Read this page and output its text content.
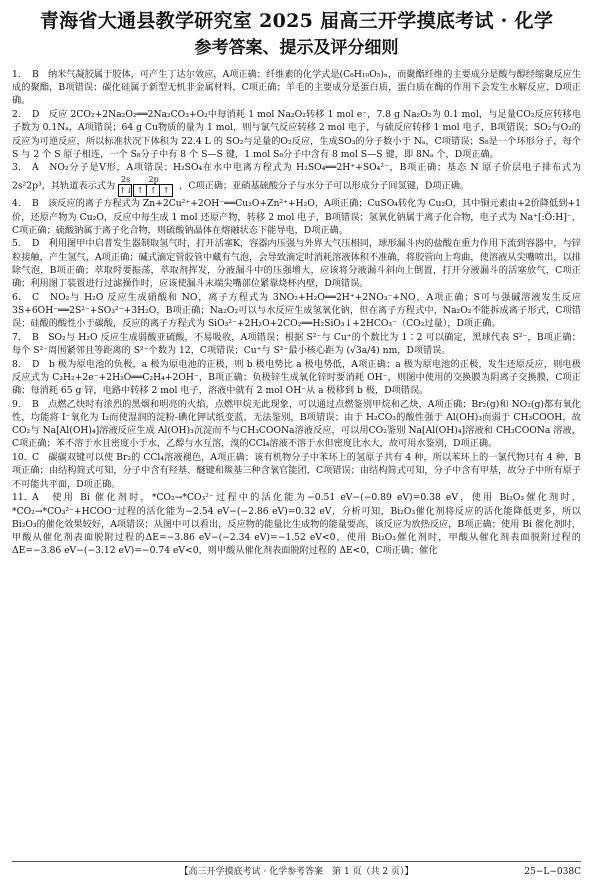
青海省大通县教学研究室 2025 届高三开学摸底考试 · 化学
参考答案、提示及评分细则
1. B　纳米气凝胶属于胶体，可产生丁达尔效应，A项正确；纤维素的化学式是(C₆H₁₀O₅)ₙ，而聚酯纤维的主要成分是酸与醇经缩聚反应生成的聚酯，B项错误；碳化硅属于新型无机非金属材料，C项正确；羊毛的主要成分是蛋白质，蛋白质在酶的作用下会发生水解反应，D项正确。
2. D　反应 2CO₂+2Na₂O₂══2Na₂CO₃+O₂中每消耗 1 mol Na₂O₂转移 1 mol e⁻，7.8 g Na₂O₂为 0.1 mol，与足量CO₂反应转移电子数为 0.1Nₐ，A项错误；64 g Cu物质的量为 1 mol，则与氯气反应转移 2 mol 电子，与硫反应转移 1 mol 电子，B项错误；SO₂与O₂的反应为可逆反应，所以标准状况下体积为 22.4 L 的 SO₂与足量的O₂反应，生成SO₃的分子数小于 Nₐ，C项错误；S₈是一个环形分子，每个 S 与 2 个 S 原子相连，一个 S₈分子中有 8 个 S—S 键，1 mol S₈分子中含有 8 mol S—S 键，即 8Nₐ 个，D项正确。
3. A　NO₂分子是V形，A项错误；H₂SO₄在水中电离方程式为 H₂SO₄══2H⁺+SO₄²⁻，B项正确；基态 N 原子价层电子排布式为 2s²2p³，其轨道表示式为
2s
↑↓
2p
↑ ↑ ↑ ，C项正确；亚硝基硫酸分子与水分子可以形成分子间氢键，D项正确。
4. B　该反应的离子方程式为 Zn+2Cu²⁺+2OH⁻══Cu₂O+Zn²⁺+H₂O，A项正确；CuSO₄转化为 Cu₂O，其中铜元素由+2价降低到+1价，还原产物为 Cu₂O，反应中每生成 1 mol 还原产物，转移 2 mol 电子，B项错误；氢氧化钠属于离子化合物，电子式为 Na⁺[:Ö:H]⁻，C项正确；硫酸钠属于离子化合物，则硫酸钠晶体在熔融状态下能导电，D项正确。
5. D　利用图甲中启普发生器制取氢气时，打开活塞K，容器内压强与外界大气压相同，球形漏斗内的盐酸在重力作用下流到容器中，与锌粒接触，产生氢气，A项正确；碱式滴定管胶管中藏有气泡，会导致滴定时消耗溶液体积不准确，将胶管向上弯曲，使溶液从尖嘴喷出，以排除气泡，B项正确；萃取时要振荡，萃取剂挥发，分液漏斗中的压强增大，应该将分液漏斗斜向上倒置，打开分液漏斗的活塞放气，C项正确；利用图丁装置进行过滤操作时，应该使漏斗末端尖嘴部位紧靠烧杯内壁，D项错误。
6. C　NO₂与 H₂O 反应生成硝酸和 NO，离子方程式为 3NO₂+H₂O══2H⁺+2NO₃⁻+NO，A项正确；S可与强碱溶液发生反应 3S+6OH⁻══2S²⁻+SO₃²⁻+3H₂O，B项正确；Na₂O₂可以与水反应生成氢氧化钠，但在离子方程式中，Na₂O₂不能拆成离子形式，C项错误；硅酸的酸性小于碳酸，反应的离子方程式为 SiO₃²⁻+2H₂O+2CO₂══H₂SiO₃↓+2HCO₃⁻（CO₂过量），D项正确。
7. B　SO₂与 H₂O 反应生成弱酸亚硫酸，不易吸收，A项错误；根据 S²⁻与 Cu⁺的个数比为 1∶2 可以确定，黑球代表 S²⁻，B项正确；每个 S²⁻周围紧邻且等距离的 S²⁻个数为 12，C项错误；Cu⁺与 S²⁻最小核心距为 (√3a/4) nm，D项错误。
8. D　b 极为原电池的负极，a 极为原电池的正极，则 b 极电势比 a 极电势低，A项正确；a 极为原电池的正极，发生还原反应，则电极反应式为 C₂H₂+2e⁻+2H₂O══C₂H₄+2OH⁻，B项正确；负极锌生成氧化锌时要消耗 OH⁻，则图中使用的交换膜为阴离子交换膜，C项正确；每消耗 65 g 锌，电路中转移 2 mol 电子，溶液中就有 2 mol OH⁻从 a 极移到 b 极，D项错误。
9. B　点燃乙炔时有浓烈的黑烟和明亮的火焰，点燃甲烷无此现象，可以通过点燃鉴别甲烷和乙炔，A项正确；Br₂(g)和 NO₂(g)都有氧化性，均能将 I⁻氧化为 I₂而使湿润的淀粉-碘化钾试纸变蓝，无法鉴别，B项错误；由于 H₂CO₃的酸性强于 Al(OH)₃而弱于 CH₃COOH，故CO₂与 Na[Al(OH)₄]溶液反应生成 Al(OH)₃沉淀而不与CH₃COONa溶液反应，可以用CO₂鉴别 Na[Al(OH)₄]溶液和 CH₃COONa 溶液，C项正确；苯不溶于水且密度小于水，乙醇与水互溶，溴的CCl₄溶液不溶于水但密度比水大，故可用水鉴别，D项正确。
10. C　碳碳双键可以使 Br₂的 CCl₄溶液褪色，A项正确；该有机物分子中苯环上的氢原子共有 4 种，所以苯环上的一氯代物只有 4 种，B项正确；由结构简式可知，分子中含有羟基、醚键和羰基三种含氧官能团，C项错误；由结构简式可知，分子中含有甲基，故分子中所有原子不可能共平面，D项正确。
11. A　使用 Bi 催化剂时，*CO₂→*CO₃²⁻过程中的活化能为−0.51 eV−(−0.89 eV)=0.38 eV，使用 Bi₂O₃催化剂时，*CO₂→*CO₃²⁻+HCOO⁻过程的活化能为−2.54 eV−(−2.86 eV)=0.32 eV，分析可知，Bi₂O₃催化剂将反应的活化能降低更多，所以 Bi₂O₃的催化效果较好，A项错误；从图中可以看出，反应物的能量比生成物的能量要高，该反应为放热反应，B项正确；使用 Bi 催化剂时，甲酸从催化剂表面脱附过程的ΔE=−3.86 eV−(−2.34 eV)=−1.52 eV<0，使用 Bi₂O₃催化剂时，甲酸从催化剂表面脱附过程的ΔE=−3.86 eV−(−3.12 eV)=−0.74 eV<0，则甲酸从催化剂表面脱附过程的 ΔE<0，C项正确；催化
【高三开学摸底考试 · 化学参考答案　第 1 页（共 2 页）】	25−L−038C
